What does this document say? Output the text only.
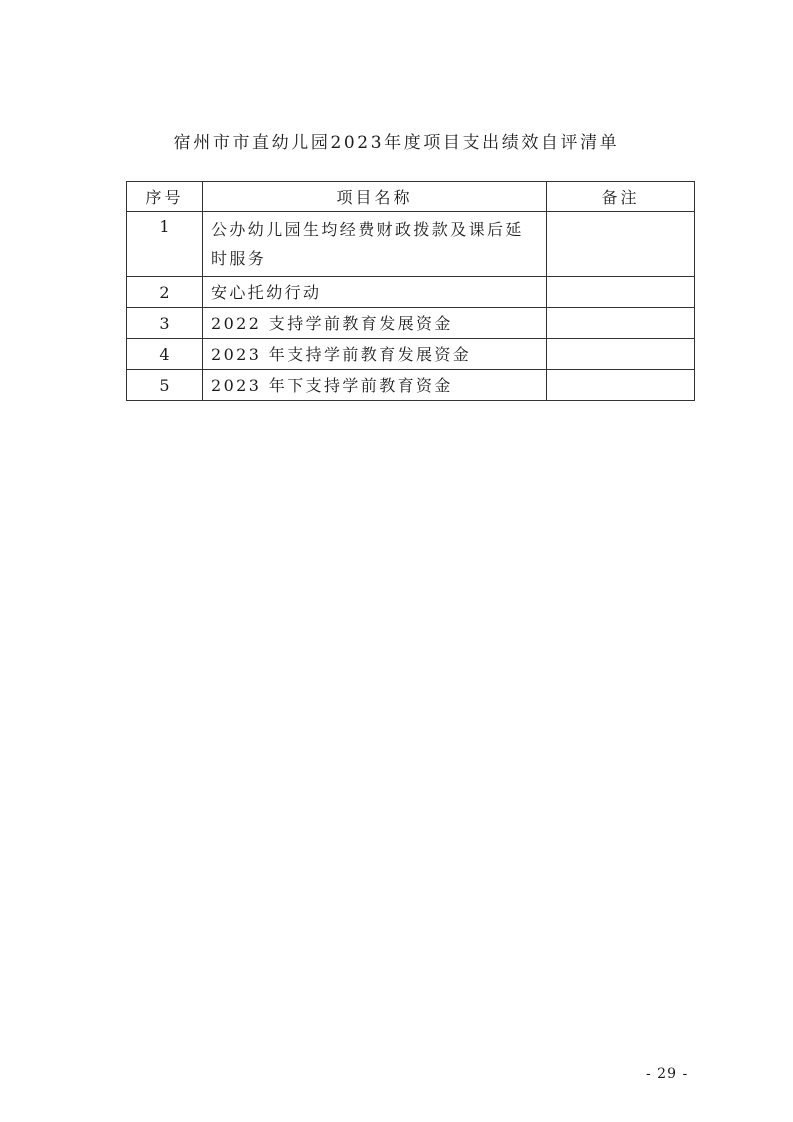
宿州市市直幼儿园2023年度项目支出绩效自评清单
序号	项目名称	备注
1	公办幼儿园生均经费财政拨款及课后延时服务	
2	安心托幼行动	
3	2022 支持学前教育发展资金	
4	2023 年支持学前教育发展资金	
5	2023 年下支持学前教育资金	
- 29 -
